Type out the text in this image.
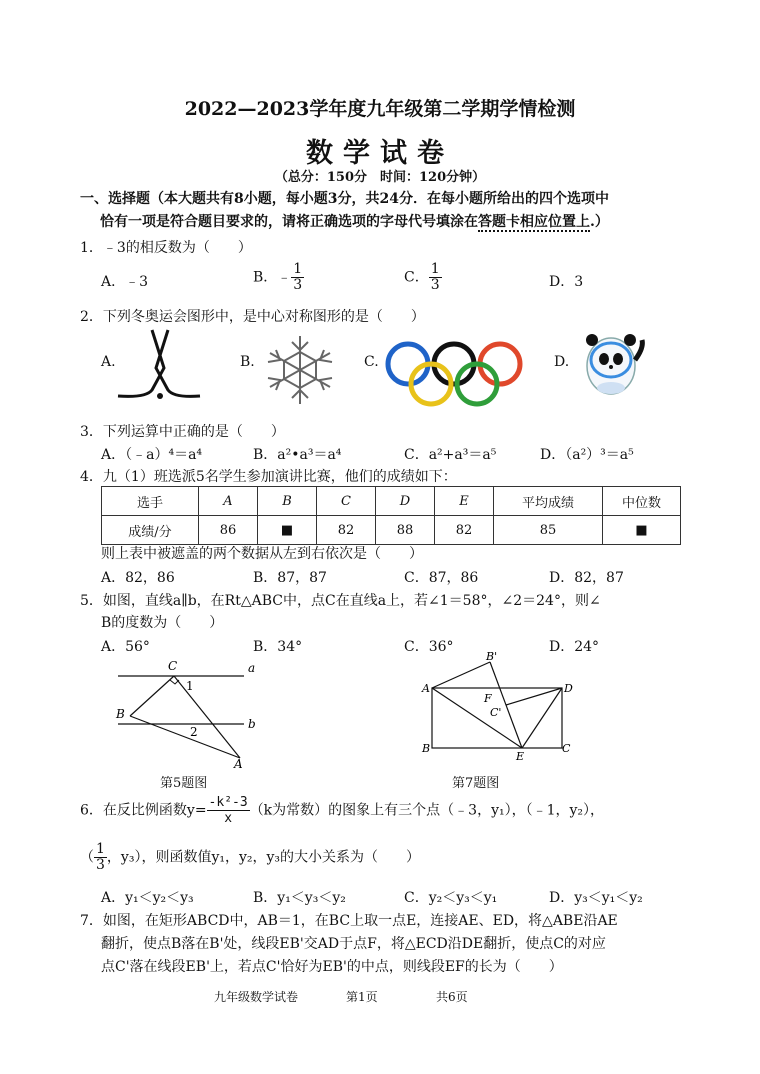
2022—2023学年度九年级第二学期学情检测
数学试卷
（总分：150分　时间：120分钟）
一、选择题（本大题共有8小题，每小题3分，共24分．在每小题所给出的四个选项中
恰有一项是符合题目要求的，请将正确选项的字母代号填涂在答题卡相应位置上.）
1．﹣3的相反数为（　　）
A．﹣3	B．﹣ $\frac{1}{3}$	C． $\frac{1}{3}$	D．3
2．下列冬奥运会图形中，是中心对称图形的是（　　）
A.	B.	C.	D.
3．下列运算中正确的是（　　）
A．（﹣a）⁴＝a⁴	B．a²•a³＝a⁴	C．a²+a³＝a⁵	D．（a²）³＝a⁵
4．九（1）班选派5名学生参加演讲比赛，他们的成绩如下：
选手	A	B	C	D	E	平均成绩	中位数
成绩/分	86	■	82	88	82	85	■
则上表中被遮盖的两个数据从左到右依次是（　　）
A．82，86	B．87，87	C．87，86	D．82，87
5．如图，直线a∥b，在Rt△ABC中，点C在直线a上，若∠1＝58°，∠2＝24°，则∠
B的度数为（　　）
A．56°	B．34°	C．36°	D．24°
C	a
1
B
b
2
A
第5题图
B'
A	D
F
C'
B
E
C
第7题图
6．在反比例函数$y= \frac{\text{-k²-3}}{x} (k$为常数）的图象上有三个点（﹣3，y₁），（﹣1，y₂），
（ $\frac{1}{3}$ ，y₃），则函数值y₁，y₂，y₃的大小关系为（　　）
A．y₁＜y₂＜y₃	B．y₁＜y₃＜y₂	C．y₂＜y₃＜y₁	D．y₃＜y₁＜y₂
7．如图，在矩形ABCD中，AB＝1，在BC上取一点E，连接AE、ED，将△ABE沿AE
翻折，使点B落在B'处，线段EB'交AD于点F，将△ECD沿DE翻折，使点C的对应
点C'落在线段EB'上，若点C'恰好为EB'的中点，则线段EF的长为（　　）
九年级数学试卷	第1页	共6页
